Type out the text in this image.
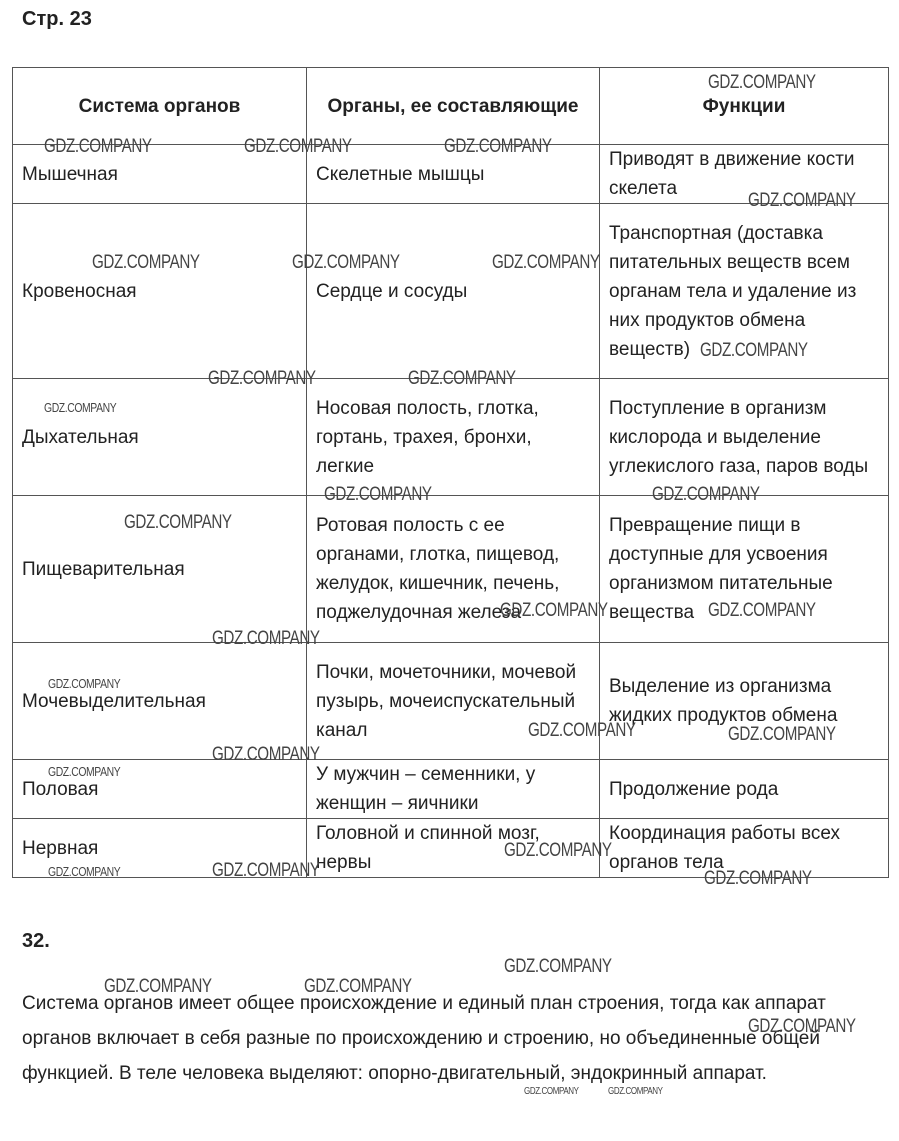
Стр. 23
Система органов	Органы, ее составляющие	Функции
Мышечная	Скелетные мышцы	Приводят в движение кости скелета
Кровеносная	Сердце и сосуды	Транспортная (доставка питательных веществ всем органам тела и удаление из них продуктов обмена веществ)
Дыхательная	Носовая полость, глотка, гортань, трахея, бронхи, легкие	Поступление в организм кислорода и выделение углекислого газа, паров воды
Пищеварительная	Ротовая полость с ее органами, глотка, пищевод, желудок, кишечник, печень, поджелудочная железа	Превращение пищи в доступные для усвоения организмом питательные вещества
Мочевыделительная	Почки, мочеточники, мочевой пузырь, мочеиспускательный канал	Выделение из организма жидких продуктов обмена
Половая	У мужчин – семенники, у женщин – яичники	Продолжение рода
Нервная	Головной и спинной мозг, нервы	Координация работы всех органов тела
32.
Система органов имеет общее происхождение и единый план строения, тогда как аппарат органов включает в себя разные по происхождению и строению, но объединенные общей функцией. В теле человека выделяют: опорно-двигательный, эндокринный аппарат.
GDZ.COMPANY	GDZ.COMPANY	GDZ.COMPANY
GDZ.COMPANY
GDZ.COMPANY
GDZ.COMPANY	GDZ.COMPANY	GDZ.COMPANY
GDZ.COMPANY
GDZ.COMPANY	GDZ.COMPANY
GDZ.COMPANY
GDZ.COMPANY	GDZ.COMPANY
GDZ.COMPANY
GDZ.COMPANY	GDZ.COMPANY
GDZ.COMPANY
GDZ.COMPANY
GDZ.COMPANY	GDZ.COMPANY
GDZ.COMPANY
GDZ.COMPANY
GDZ.COMPANY
GDZ.COMPANY	GDZ.COMPANY	GDZ.COMPANY
GDZ.COMPANY
GDZ.COMPANY	GDZ.COMPANY
GDZ.COMPANY
GDZ.COMPANY	GDZ.COMPANY
